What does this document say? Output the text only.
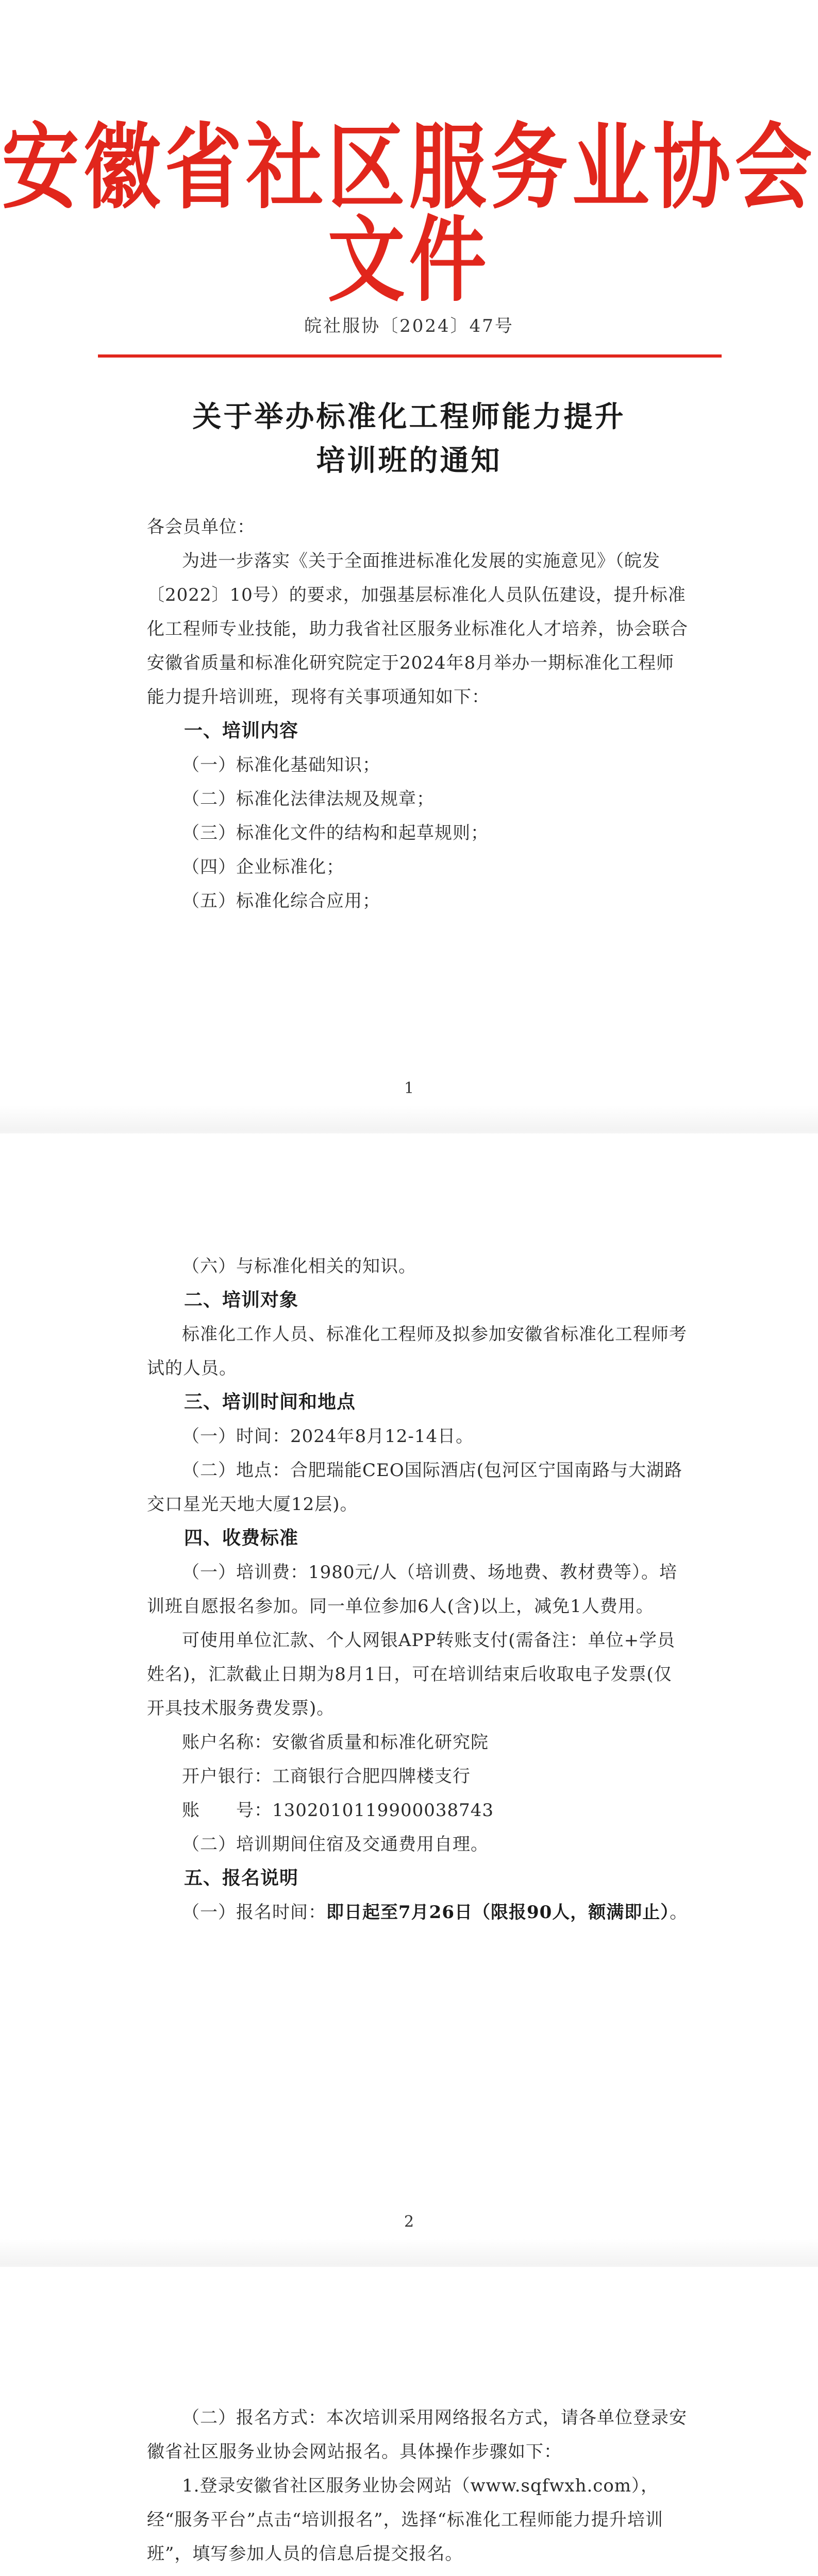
安徽省社区服务业协会文件
皖社服协〔2024〕47号
关于举办标准化工程师能力提升
培训班的通知
各会员单位：
为进一步落实《关于全面推进标准化发展的实施意见》（皖发〔2022〕10号）的要求，加强基层标准化人员队伍建设，提升标准化工程师专业技能，助力我省社区服务业标准化人才培养，协会联合安徽省质量和标准化研究院定于2024年8月举办一期标准化工程师能力提升培训班，现将有关事项通知如下：
一、培训内容
（一）标准化基础知识；
（二）标准化法律法规及规章；
（三）标准化文件的结构和起草规则；
（四）企业标准化；
（五）标准化综合应用；
1
（六）与标准化相关的知识。
二、培训对象
标准化工作人员、标准化工程师及拟参加安徽省标准化工程师考试的人员。
三、培训时间和地点
（一）时间：2024年8月12-14日。
（二）地点：合肥瑞能CEO国际酒店(包河区宁国南路与大湖路交口星光天地大厦12层)。
四、收费标准
（一）培训费：1980元/人（培训费、场地费、教材费等）。培训班自愿报名参加。同一单位参加6人(含)以上，减免1人费用。
可使用单位汇款、个人网银APP转账支付(需备注：单位+学员姓名)，汇款截止日期为8月1日，可在培训结束后收取电子发票(仅开具技术服务费发票)。
账户名称：安徽省质量和标准化研究院
开户银行：工商银行合肥四牌楼支行
账　　号：1302010119900038743
（二）培训期间住宿及交通费用自理。
五、报名说明
（一）报名时间：即日起至7月26日（限报90人，额满即止）。
2
（二）报名方式：本次培训采用网络报名方式，请各单位登录安徽省社区服务业协会网站报名。具体操作步骤如下：
1.登录安徽省社区服务业协会网站（www.sqfwxh.com），经“服务平台”点击“培训报名”，选择“标准化工程师能力提升培训班”，填写参加人员的信息后提交报名。
